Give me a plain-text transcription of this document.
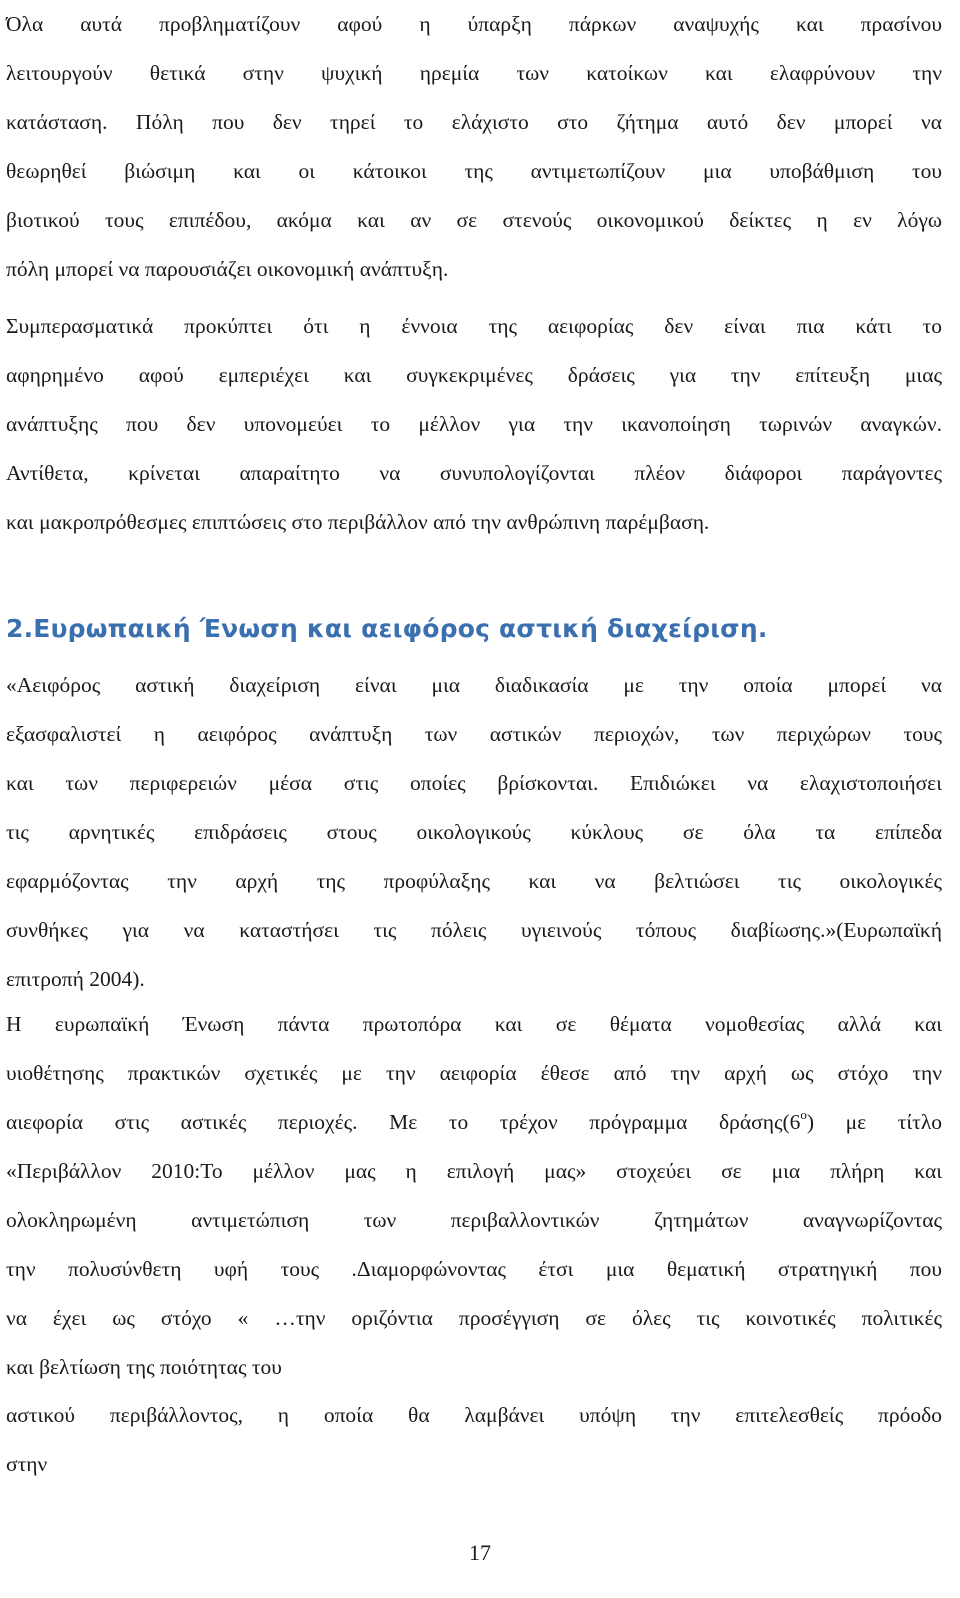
Όλα αυτά προβληματίζουν αφού η ύπαρξη πάρκων αναψυχής και πρασίνου
λειτουργούν θετικά στην ψυχική ηρεμία των κατοίκων και ελαφρύνουν την
κατάσταση. Πόλη που δεν τηρεί το ελάχιστο στο ζήτημα αυτό δεν μπορεί να
θεωρηθεί βιώσιμη και οι κάτοικοι της αντιμετωπίζουν μια υποβάθμιση του
βιοτικού τους επιπέδου, ακόμα και αν σε στενούς οικονομικού δείκτες η εν λόγω
πόλη μπορεί να παρουσιάζει οικονομική ανάπτυξη.
Συμπερασματικά προκύπτει ότι η έννοια της αειφορίας δεν είναι πια κάτι το
αφηρημένο αφού εμπεριέχει και συγκεκριμένες δράσεις για την επίτευξη μιας
ανάπτυξης που δεν υπονομεύει το μέλλον για την ικανοποίηση τωρινών αναγκών.
Αντίθετα, κρίνεται απαραίτητο να συνυπολογίζονται πλέον διάφοροι παράγοντες
και μακροπρόθεσμες επιπτώσεις στο περιβάλλον από την ανθρώπινη παρέμβαση.
2.Ευρωπαική Ένωση και αειφόρος αστική διαχείριση.
«Αειφόρος αστική διαχείριση είναι μια διαδικασία με την οποία μπορεί να
εξασφαλιστεί η αειφόρος ανάπτυξη των αστικών περιοχών, των περιχώρων τους
και των περιφερειών μέσα στις οποίες βρίσκονται. Επιδιώκει να ελαχιστοποιήσει
τις αρνητικές επιδράσεις στους οικολογικούς κύκλους σε όλα τα επίπεδα
εφαρμόζοντας την αρχή της προφύλαξης και να βελτιώσει τις οικολογικές
συνθήκες για να καταστήσει τις πόλεις υγιεινούς τόπους διαβίωσης.»(Ευρωπαϊκή
επιτροπή 2004).
Η ευρωπαϊκή Ένωση πάντα πρωτοπόρα και σε θέματα νομοθεσίας αλλά και
υιοθέτησης πρακτικών σχετικές με την αειφορία έθεσε από την αρχή ως στόχο την
αιεφορία στις αστικές περιοχές. Με το τρέχον πρόγραμμα $\delta\rho ά\sigma\eta\varsigma(6^o)$ με τίτλο
«Περιβάλλον 2010:Το μέλλον μας η επιλογή μας» στοχεύει σε μια πλήρη και
ολοκληρωμένη αντιμετώπιση των περιβαλλοντικών ζητημάτων αναγνωρίζοντας
την πολυσύνθετη υφή τους .Διαμορφώνοντας έτσι μια θεματική στρατηγική που
να έχει ως στόχο « …την οριζόντια προσέγγιση σε όλες τις κοινοτικές πολιτικές
και βελτίωση της ποιότητας του
αστικού περιβάλλοντος, η οποία θα λαμβάνει υπόψη την επιτελεσθείς πρόοδο
στην
17
